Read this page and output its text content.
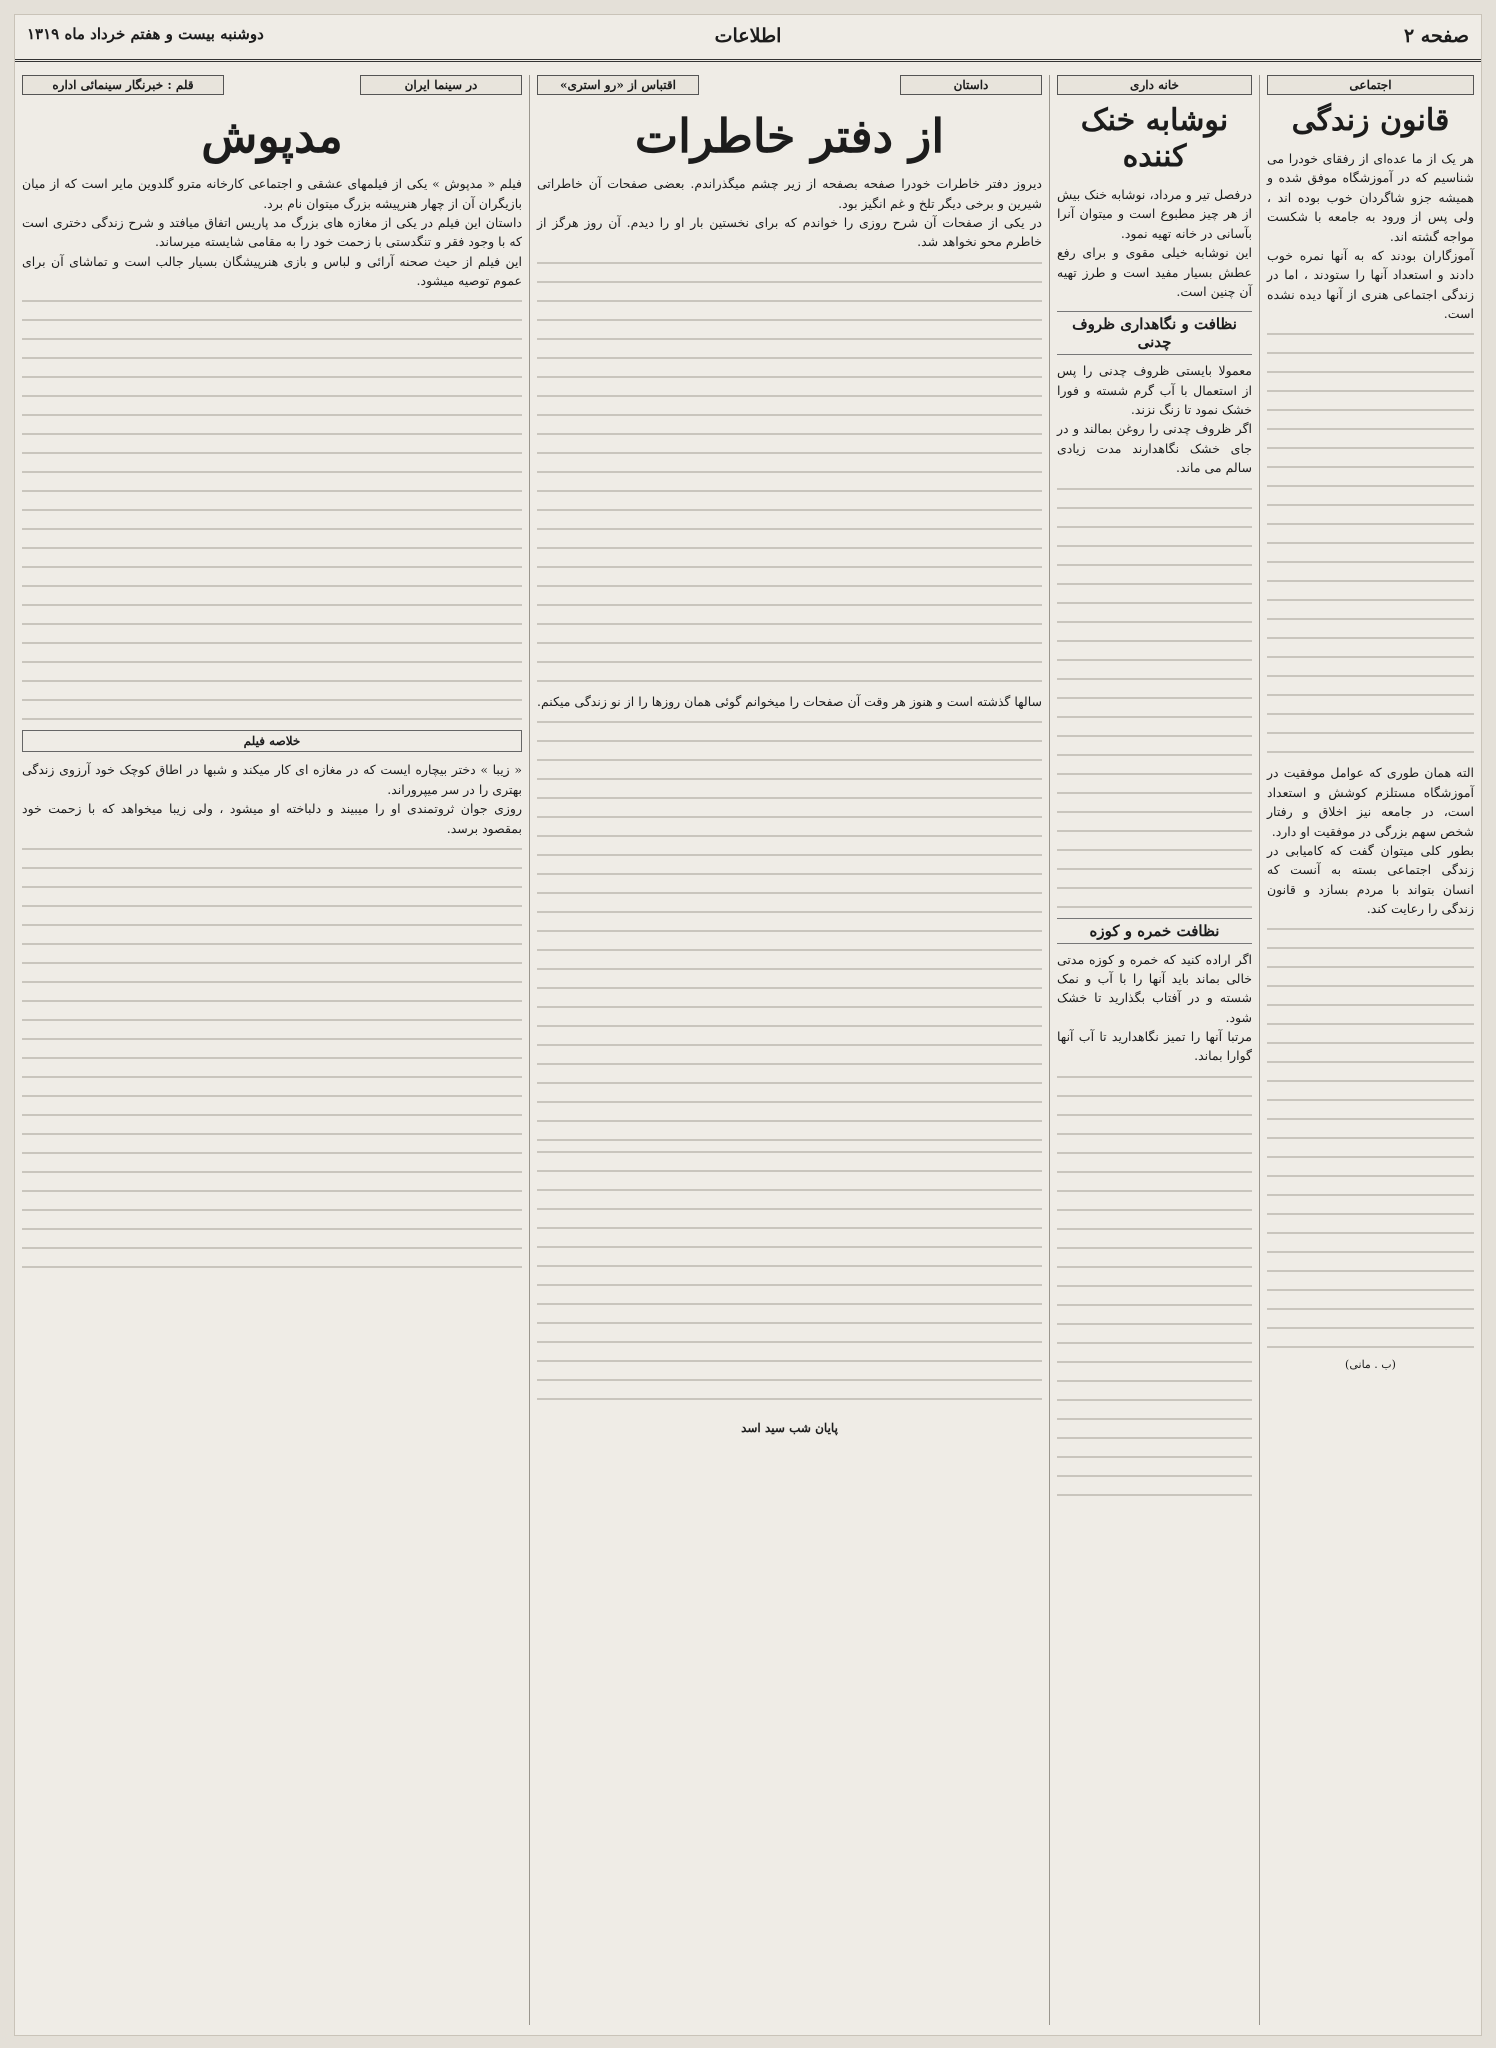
صفحه ۲
اطلاعات
دوشنبه بیست و هفتم خرداد ماه ۱۳۱۹
اجتماعی
قانون زندگی

هر یک از ما عده‌ای از رفقای خودرا می شناسیم که در آموزشگاه موفق شده و همیشه جزو شاگردان خوب بوده اند ، ولی پس از ورود به جامعه با شکست مواجه گشته اند.

آموزگاران بودند که به آنها نمره خوب دادند و استعداد آنها را ستودند ، اما در زندگی اجتماعی هنری از آنها دیده نشده است.

الته همان طوری که عوامل موفقیت در آموزشگاه مستلزم کوشش و استعداد است، در جامعه نیز اخلاق و رفتار شخص سهم بزرگی در موفقیت او دارد.

بطور کلی میتوان گفت که کامیابی در زندگی اجتماعی بسته به آنست که انسان بتواند با مردم بسازد و قانون زندگی را رعایت کند.

(ب . مانی)
خانه داری
نوشابه خنک کننده

درفصل تیر و مرداد، نوشابه خنک بیش از هر چیز مطبوع است و میتوان آنرا بآسانی در خانه تهیه نمود.

این نوشابه خیلی مقوی و برای رفع عطش بسیار مفید است و طرز تهیه آن چنین است.

نظافت و نگاهداری ظروف چدنی

معمولا بایستی ظروف چدنی را پس از استعمال با آب گرم شسته و فورا خشک نمود تا زنگ نزند.

اگر ظروف چدنی را روغن بمالند و در جای خشک نگاهدارند مدت زیادی سالم می ماند.

نظافت خمره و کوزه

اگر اراده کنید که خمره و کوزه مدتی خالی بماند باید آنها را با آب و نمک شسته و در آفتاب بگذارید تا خشک شود.

مرتبا آنها را تمیز نگاهدارید تا آب آنها گوارا بماند.

داستان
اقتباس از «رو استری»
از دفتر خاطرات

دیروز دفتر خاطرات خودرا صفحه بصفحه از زیر چشم میگذراندم. بعضی صفحات آن خاطراتی شیرین و برخی دیگر تلخ و غم انگیز بود.

در یکی از صفحات آن شرح روزی را خواندم که برای نخستین بار او را دیدم. آن روز هرگز از خاطرم محو نخواهد شد.

سالها گذشته است و هنوز هر وقت آن صفحات را میخوانم گوئی همان روزها را از نو زندگی میکنم.

پایان شب سید اسد
در سینما ایران
قلم : خبرنگار سینمائی اداره
مدپوش

فیلم « مدپوش » یکی از فیلمهای عشقی و اجتماعی کارخانه مترو گلدوین مایر است که از میان بازیگران آن از چهار هنرپیشه بزرگ میتوان نام برد.

داستان این فیلم در یکی از مغازه های بزرگ مد پاریس اتفاق میافتد و شرح زندگی دختری است که با وجود فقر و تنگدستی با زحمت خود را به مقامی شایسته میرساند.

این فیلم از حیث صحنه آرائی و لباس و بازی هنرپیشگان بسیار جالب است و تماشای آن برای عموم توصیه میشود.

خلاصه فیلم

« زیبا » دختر بیچاره ایست که در مغازه ای کار میکند و شبها در اطاق کوچک خود آرزوی زندگی بهتری را در سر میپروراند.

روزی جوان ثروتمندی او را میبیند و دلباخته او میشود ، ولی زیبا میخواهد که با زحمت خود بمقصود برسد.
